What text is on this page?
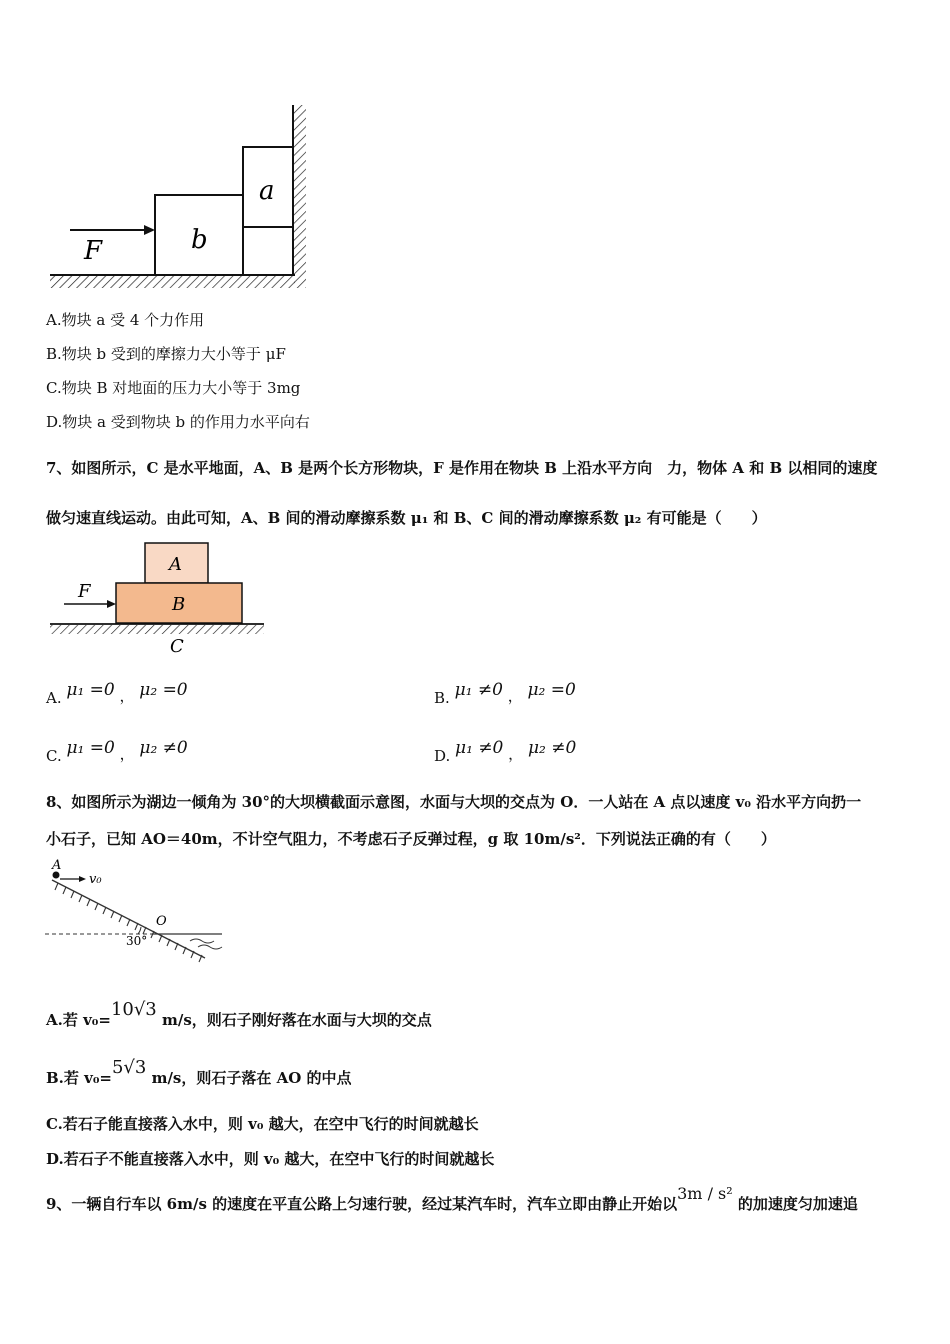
F	b
a
A.物块 a 受 4 个力作用
B.物块 b 受到的摩擦力大小等于 μF
C.物块 B 对地面的压力大小等于 3mg
D.物块 a 受到物块 b 的作用力水平向右
7、如图所示，C 是水平地面，A、B 是两个长方形物块，F 是作用在物块 B 上沿水平方向　力，物体 A 和 B 以相同的速度
做匀速直线运动。由此可知，A、B 间的滑动摩擦系数 μ₁ 和 B、C 间的滑动摩擦系数 μ₂ 有可能是（　　）
F
A
B
C
A. μ₁ =0 ， μ₂ =0	B. μ₁ ≠0 ， μ₂ =0
C. μ₁ =0 ， μ₂ ≠0	D. μ₁ ≠0 ， μ₂ ≠0
8、如图所示为湖边一倾角为 30°的大坝横截面示意图，水面与大坝的交点为 O．一人站在 A 点以速度 v₀ 沿水平方向扔一
小石子，已知 AO＝40m，不计空气阻力，不考虑石子反弹过程，g 取 10m/s²．下列说法正确的有（　　）
A
v₀
O
30°
A.若 v₀=10√3 m/s，则石子刚好落在水面与大坝的交点
B.若 v₀=5√3 m/s，则石子落在 AO 的中点
C.若石子能直接落入水中，则 v₀ 越大，在空中飞行的时间就越长
D.若石子不能直接落入水中，则 v₀ 越大，在空中飞行的时间就越长
9、一辆自行车以 6m/s 的速度在平直公路上匀速行驶，经过某汽车时，汽车立即由静止开始以3m / s² 的加速度匀加速追
